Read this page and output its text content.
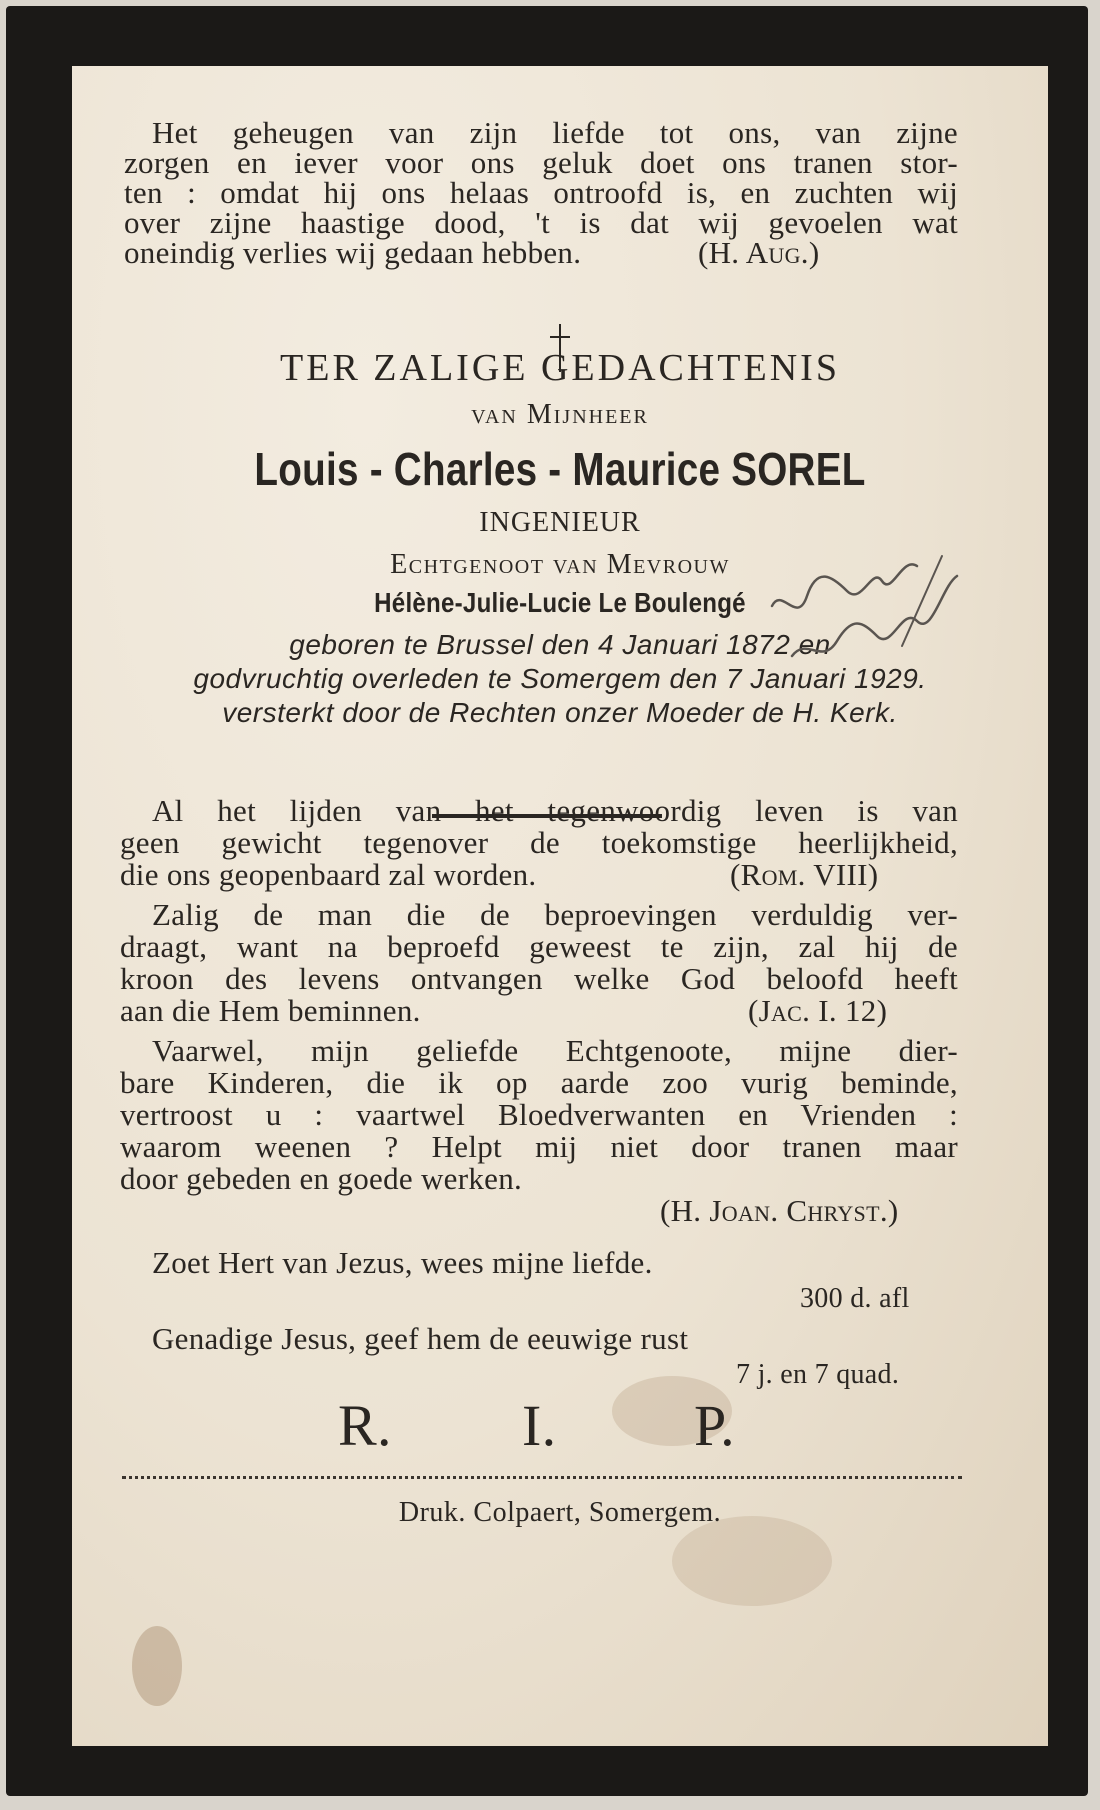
Het geheugen van zijn liefde tot ons, van zijne

zorgen en iever voor ons geluk doet ons tranen stor-

ten : omdat hij ons helaas ontroofd is, en zuchten wij

over zijne haastige dood, 't is dat wij gevoelen wat

oneindig verlies wij gedaan hebben.	(H. Aug.)

TER ZALIGE GEDACHTENIS

van Mijnheer

Louis - Charles - Maurice SOREL

INGENIEUR

Echtgenoot van Mevrouw

Hélène-Julie-Lucie Le Boulengé

geboren te Brussel den 4 Januari 1872 en

godvruchtig overleden te Somergem den 7 Januari 1929.

versterkt door de Rechten onzer Moeder de H. Kerk.

Al het lijden van het tegenwoordig leven is van

geen gewicht tegenover de toekomstige heerlijkheid,

die ons geopenbaard zal worden.	(Rom. VIII)

Zalig de man die de beproevingen verduldig ver-

draagt, want na beproefd geweest te zijn, zal hij de

kroon des levens ontvangen welke God beloofd heeft

aan die Hem beminnen.	(Jac. I. 12)

Vaarwel, mijn geliefde Echtgenoote, mijne dier-

bare Kinderen, die ik op aarde zoo vurig beminde,

vertroost u : vaartwel Bloedverwanten en Vrienden :

waarom weenen ? Helpt mij niet door tranen maar

door gebeden en goede werken.

(H. Joan. Chryst.)

Zoet Hert van Jezus, wees mijne liefde.

300 d. afl

Genadige Jesus, geef hem de eeuwige rust

7 j. en 7 quad.

R. I. P.

Druk. Colpaert, Somergem.
